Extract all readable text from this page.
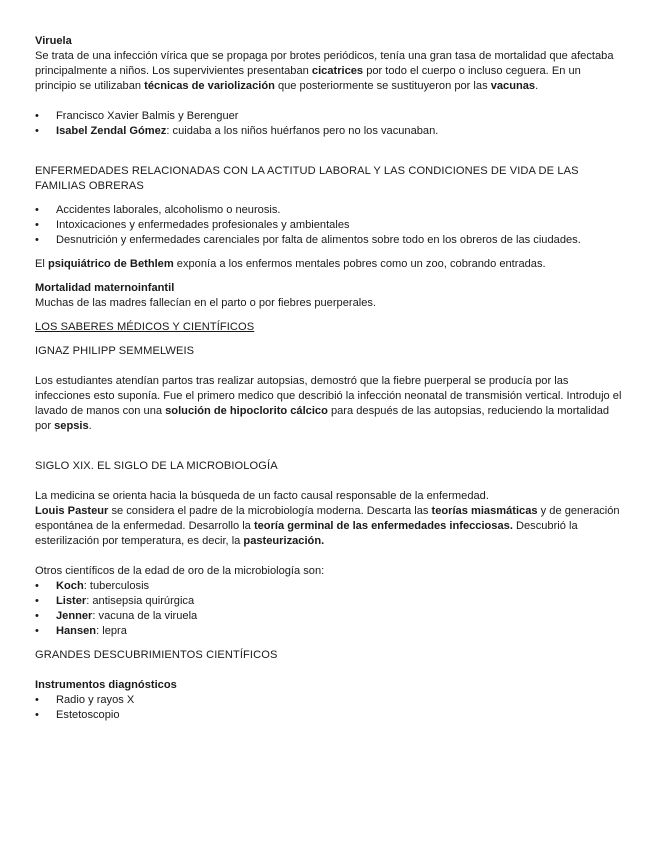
Viruela

Se trata de una infección vírica que se propaga por brotes periódicos, tenía una gran tasa de mortalidad que afectaba principalmente a niños. Los supervivientes presentaban cicatrices por todo el cuerpo o incluso ceguera. En un principio se utilizaban técnicas de variolización que posteriormente se sustituyeron por las vacunas.

• Francisco Xavier Balmis y Berenguer
• Isabel Zendal Gómez: cuidaba a los niños huérfanos pero no los vacunaban.

ENFERMEDADES RELACIONADAS CON LA ACTITUD LABORAL Y LAS CONDICIONES DE VIDA DE LAS FAMILIAS OBRERAS

• Accidentes laborales, alcoholismo o neurosis.
• Intoxicaciones y enfermedades profesionales y ambientales
• Desnutrición y enfermedades carenciales por falta de alimentos sobre todo en los obreros de las ciudades.

El psiquiátrico de Bethlem exponía a los enfermos mentales pobres como un zoo, cobrando entradas.

Mortalidad maternoinfantil

Muchas de las madres fallecían en el parto o por fiebres puerperales.

LOS SABERES MÉDICOS Y CIENTÍFICOS

IGNAZ PHILIPP SEMMELWEIS

Los estudiantes atendían partos tras realizar autopsias, demostró que la fiebre puerperal se producía por las infecciones esto suponía. Fue el primero medico que describió la infección neonatal de transmisión vertical. Introdujo el lavado de manos con una solución de hipoclorito cálcico para después de las autopsias, reduciendo la mortalidad por sepsis.

SIGLO XIX. EL SIGLO DE LA MICROBIOLOGÍA

La medicina se orienta hacia la búsqueda de un facto causal responsable de la enfermedad.

Louis Pasteur se considera el padre de la microbiología moderna. Descarta las teorías miasmáticas y de generación espontánea de la enfermedad. Desarrollo la teoría germinal de las enfermedades infecciosas. Descubrió la esterilización por temperatura, es decir, la pasteurización.

Otros científicos de la edad de oro de la microbiología son:

• Koch: tuberculosis
• Lister: antisepsia quirúrgica
• Jenner: vacuna de la viruela
• Hansen: lepra

GRANDES DESCUBRIMIENTOS CIENTÍFICOS

Instrumentos diagnósticos

• Radio y rayos X
• Estetoscopio
